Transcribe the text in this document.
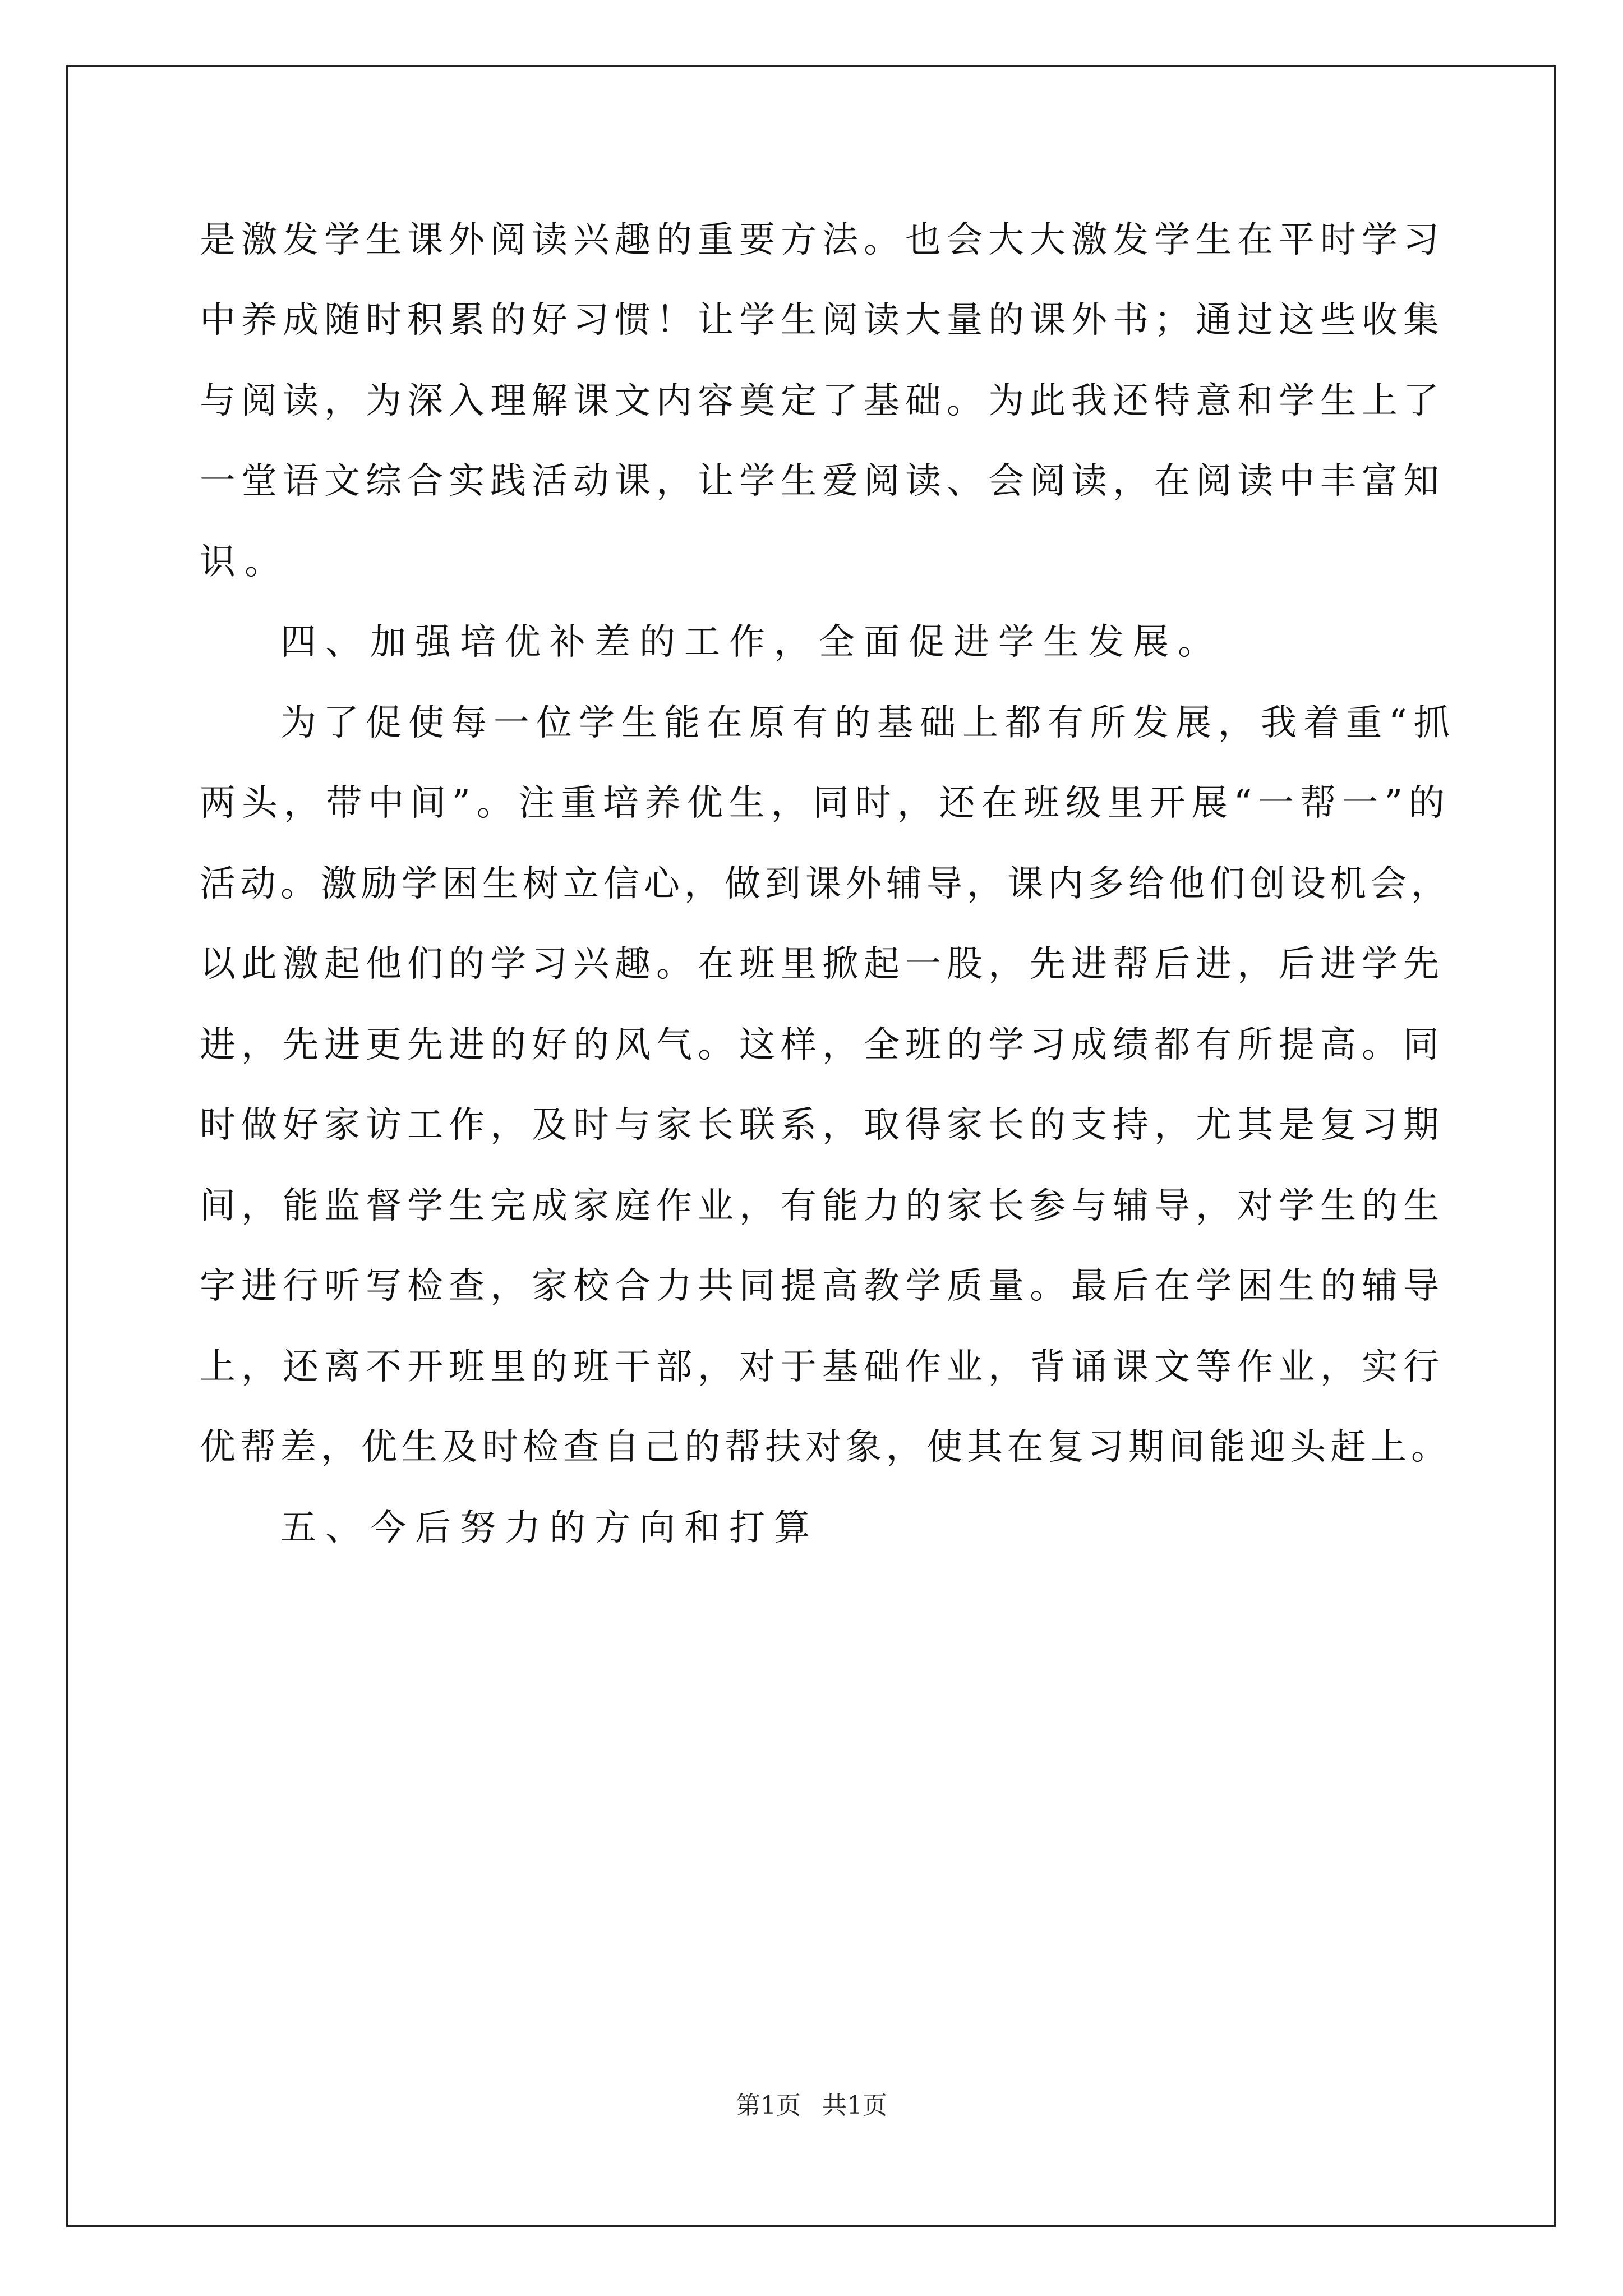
是激发学生课外阅读兴趣的重要方法。也会大大激发学生在平时学习
中养成随时积累的好习惯！让学生阅读大量的课外书；通过这些收集
与阅读，为深入理解课文内容奠定了基础。为此我还特意和学生上了
一堂语文综合实践活动课，让学生爱阅读、会阅读，在阅读中丰富知
识。
四、加强培优补差的工作，全面促进学生发展。
为了促使每一位学生能在原有的基础上都有所发展，我着重“抓
两头，带中间”。注重培养优生，同时，还在班级里开展“一帮一”的
活动。激励学困生树立信心，做到课外辅导，课内多给他们创设机会，
以此激起他们的学习兴趣。在班里掀起一股，先进帮后进，后进学先
进，先进更先进的好的风气。这样，全班的学习成绩都有所提高。同
时做好家访工作，及时与家长联系，取得家长的支持，尤其是复习期
间，能监督学生完成家庭作业，有能力的家长参与辅导，对学生的生
字进行听写检查，家校合力共同提高教学质量。最后在学困生的辅导
上，还离不开班里的班干部，对于基础作业，背诵课文等作业，实行
优帮差，优生及时检查自己的帮扶对象，使其在复习期间能迎头赶上。
五、今后努力的方向和打算
第1页 共1页
